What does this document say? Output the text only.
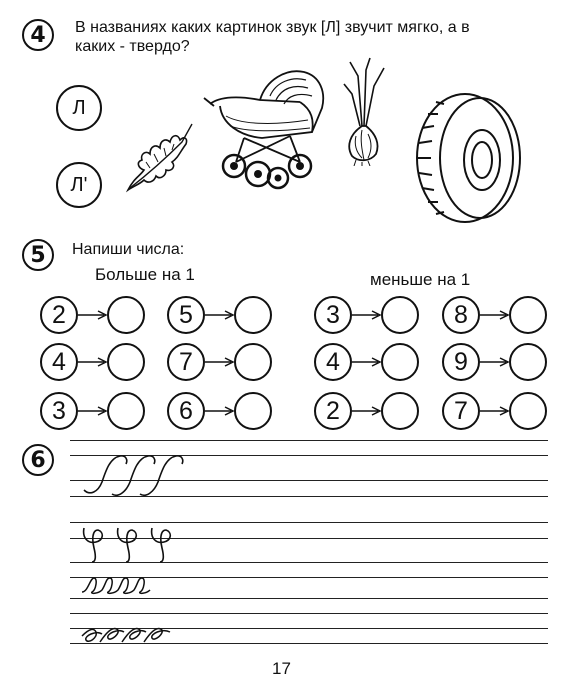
4	В названиях каких картинок звук [Л] звучит мягко, а в
каких - твердо?
Л
Л'
5	Напиши числа:
Больше на 1	меньше на 1
2	5
4	7
3	6
3	8
4	9
2	7
6
17
